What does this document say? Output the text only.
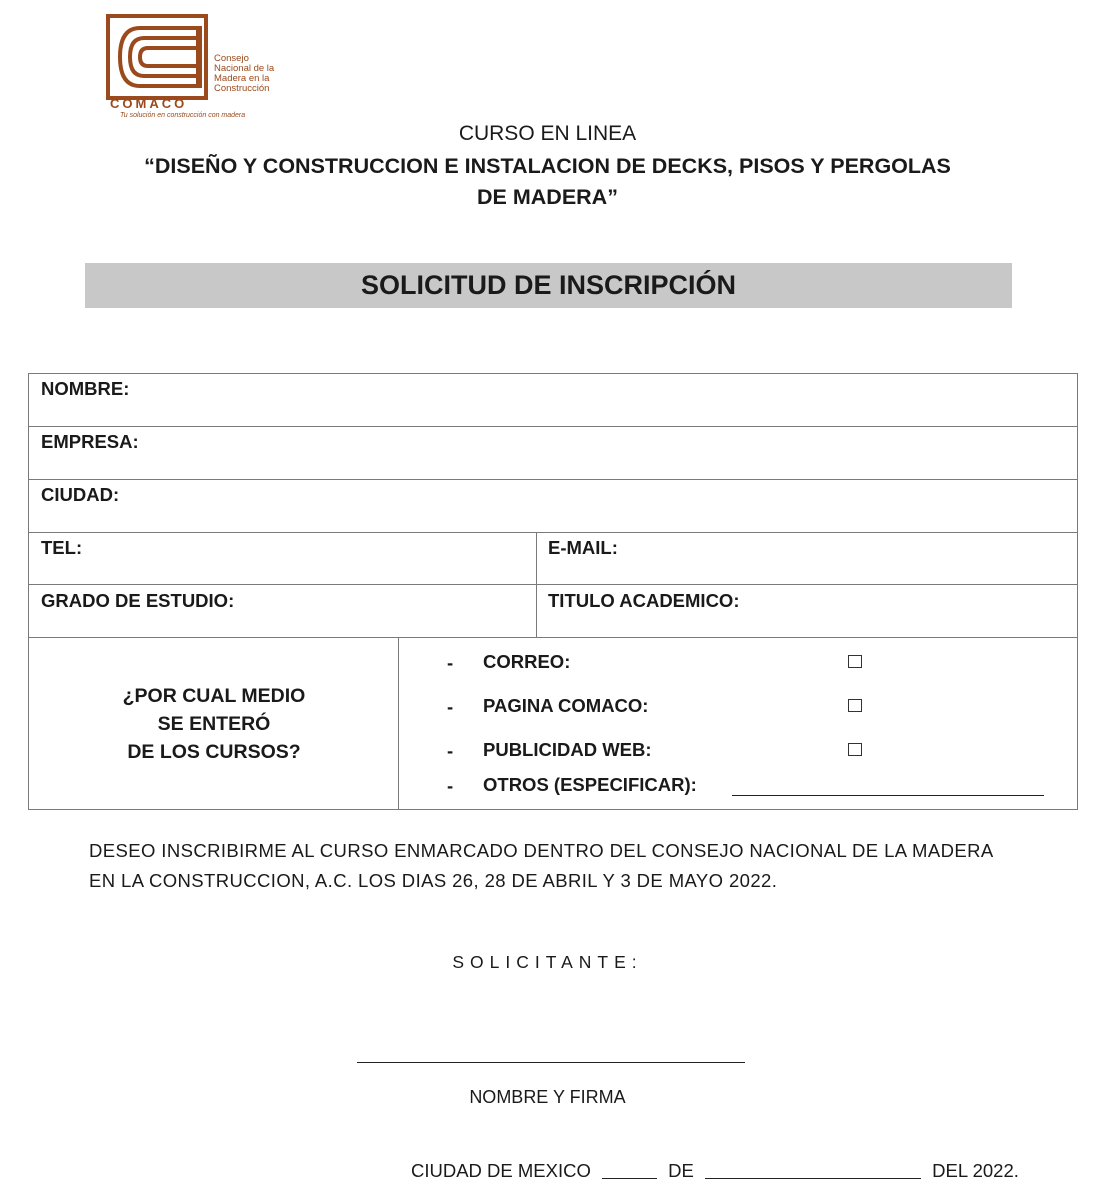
Consejo
Nacional de la
Madera en la
Construcción
COMACO
Tu solución en construcción con madera
CURSO EN LINEA
“DISEÑO Y CONSTRUCCION E INSTALACION DE DECKS, PISOS Y PERGOLAS
DE MADERA”
SOLICITUD DE INSCRIPCIÓN
NOMBRE:
EMPRESA:
CIUDAD:
TEL:	E-MAIL:
GRADO DE ESTUDIO:	TITULO ACADEMICO:
¿POR CUAL MEDIO
SE ENTERÓ
DE LOS CURSOS?
- CORREO:
- PAGINA COMACO:
- PUBLICIDAD WEB:
- OTROS (ESPECIFICAR):
DESEO INSCRIBIRME AL CURSO ENMARCADO DENTRO DEL CONSEJO NACIONAL DE LA MADERA
EN LA CONSTRUCCION, A.C. LOS DIAS 26, 28 DE ABRIL Y 3 DE MAYO 2022.
SOLICITANTE:
NOMBRE Y FIRMA
CIUDAD DE MEXICO	DE	DEL 2022.
